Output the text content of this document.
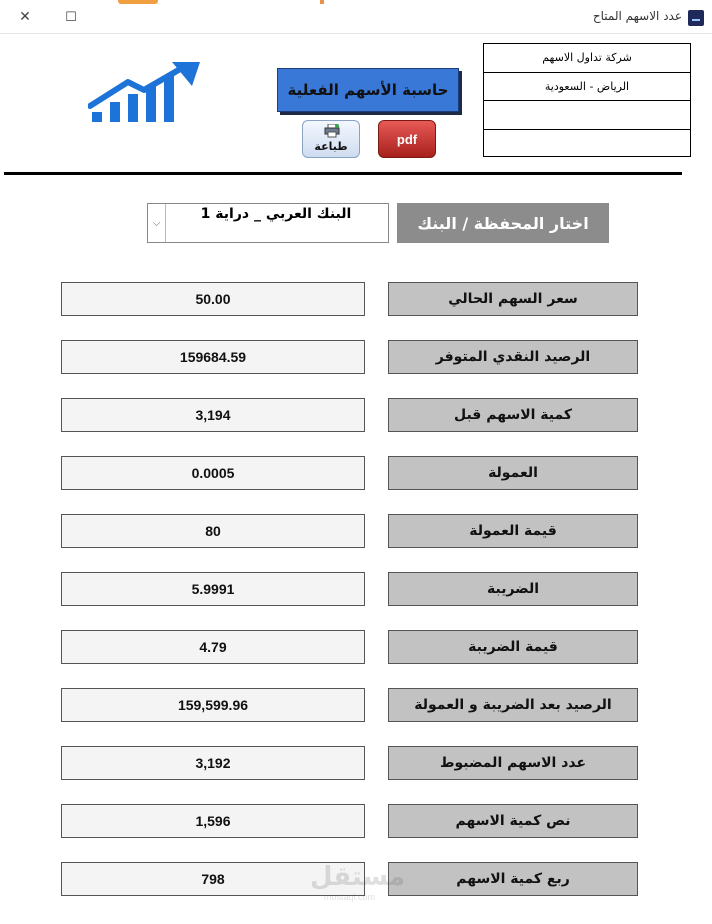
✕	☐	عدد الاسهم المتاح
حاسبة الأسهم الفعلية
طباعة	pdf
شركة تداول الاسهم
الرياض - السعودية
⌵
البنك العربي _ دراية 1	اختار المحفظة / البنك
سعر السهم الحالي
50.00
الرصيد النقدي المتوفر
159684.59
كمية الاسهم قبل
3,194
العمولة
0.0005
قيمة العمولة
80
الضريبة
5.9991
قيمة الضريبة
4.79
الرصيد بعد الضريبة و العمولة
159,599.96
عدد الاسهم المضبوط
3,192
نص كمية الاسهم
1,596
ربع كمية الاسهم
798	مستقل
mostaql.com
